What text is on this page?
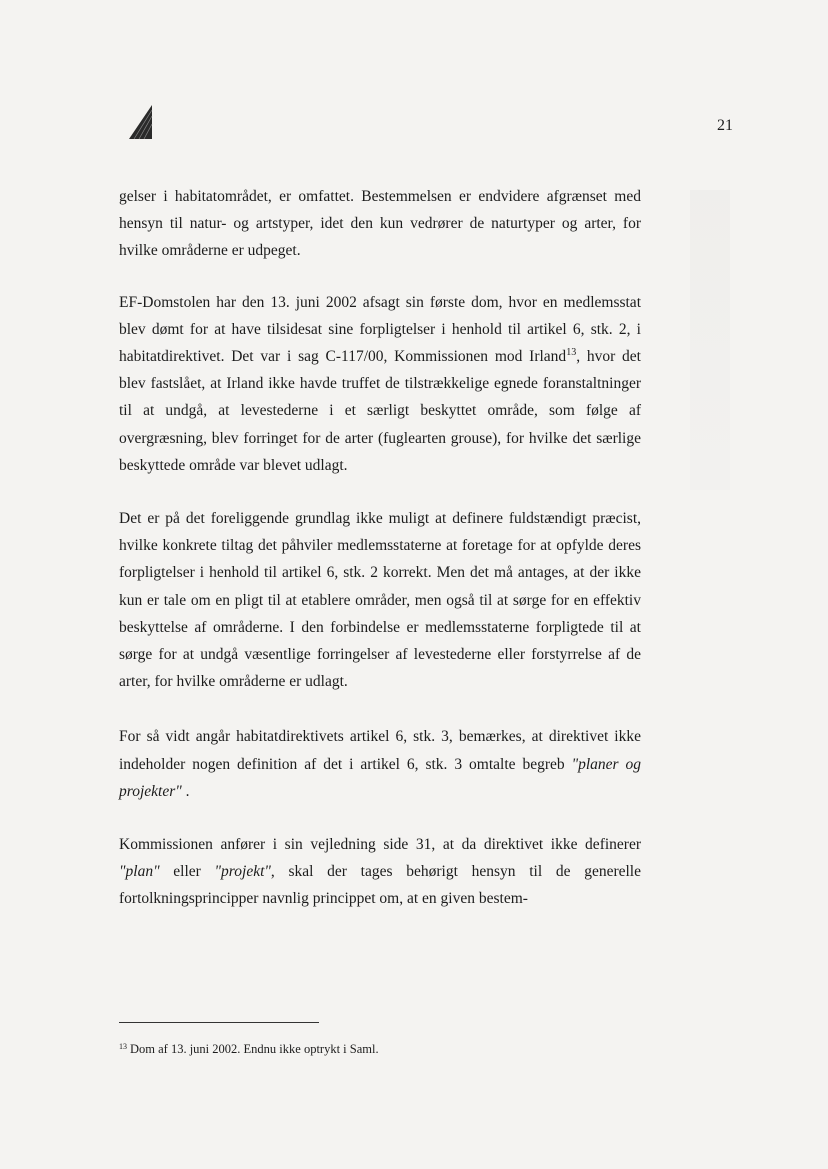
21

gelser i habitatområdet, er omfattet. Bestemmelsen er endvidere afgrænset med hensyn til natur- og artstyper, idet den kun vedrører de naturtyper og arter, for hvilke områderne er udpeget.

EF-Domstolen har den 13. juni 2002 afsagt sin første dom, hvor en medlemsstat blev dømt for at have tilsidesat sine forpligtelser i henhold til artikel 6, stk. 2, i habitatdirektivet. Det var i sag C-117/00, Kommissionen mod Irland$^{13}$, hvor det blev fastslået, at Irland ikke havde truffet de tilstrækkelige egnede foranstaltninger til at undgå, at levestederne i et særligt beskyttet område, som følge af overgræsning, blev forringet for de arter (fuglearten grouse), for hvilke det særlige beskyttede område var blevet udlagt.

Det er på det foreliggende grundlag ikke muligt at definere fuldstændigt præcist, hvilke konkrete tiltag det påhviler medlemsstaterne at foretage for at opfylde deres forpligtelser i henhold til artikel 6, stk. 2 korrekt. Men det må antages, at der ikke kun er tale om en pligt til at etablere områder, men også til at sørge for en effektiv beskyttelse af områderne. I den forbindelse er medlemsstaterne forpligtede til at sørge for at undgå væsentlige forringelser af levestederne eller forstyrrelse af de arter, for hvilke områderne er udlagt.

For så vidt angår habitatdirektivets artikel 6, stk. 3, bemærkes, at direktivet ikke indeholder nogen definition af det i artikel 6, stk. 3 omtalte begreb "planer og projekter" .

Kommissionen anfører i sin vejledning side 31, at da direktivet ikke definerer "plan" eller "projekt", skal der tages behørigt hensyn til de generelle fortolkningsprincipper navnlig princippet om, at en given bestem-

$^{13}$ Dom af 13. juni 2002. Endnu ikke optrykt i Saml.
